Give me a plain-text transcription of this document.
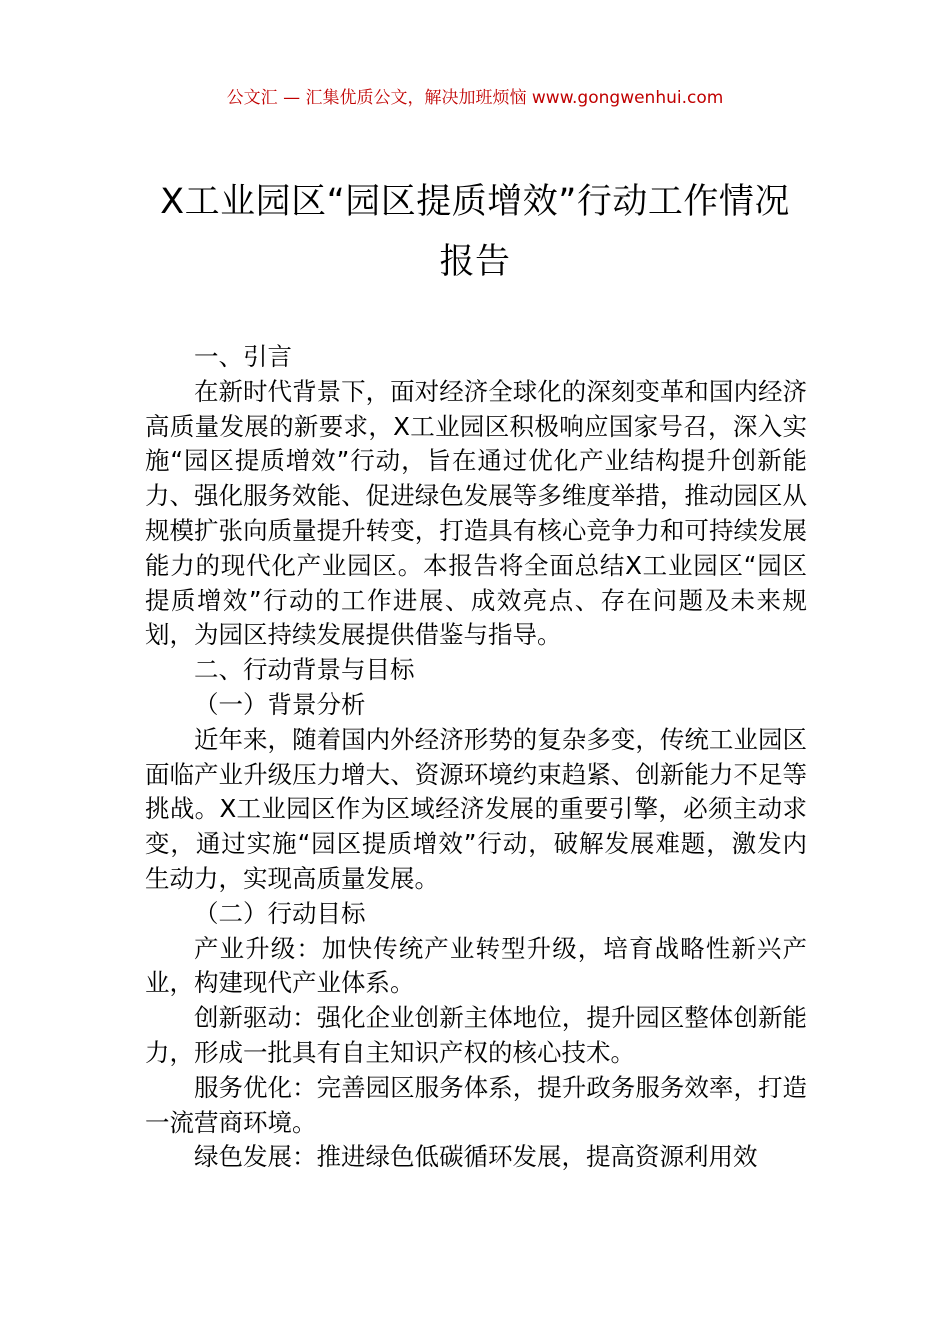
公文汇 — 汇集优质公文，解决加班烦恼 www.gongwenhui.com
X工业园区“园区提质增效”行动工作情况报告

一、引言

在新时代背景下，面对经济全球化的深刻变革和国内经济高质量发展的新要求，X工业园区积极响应国家号召，深入实施“园区提质增效”行动，旨在通过优化产业结构提升创新能力、强化服务效能、促进绿色发展等多维度举措，推动园区从规模扩张向质量提升转变，打造具有核心竞争力和可持续发展能力的现代化产业园区。本报告将全面总结X工业园区“园区提质增效”行动的工作进展、成效亮点、存在问题及未来规划，为园区持续发展提供借鉴与指导。

二、行动背景与目标

（一）背景分析

近年来，随着国内外经济形势的复杂多变，传统工业园区面临产业升级压力增大、资源环境约束趋紧、创新能力不足等挑战。X工业园区作为区域经济发展的重要引擎，必须主动求变，通过实施“园区提质增效”行动，破解发展难题，激发内生动力，实现高质量发展。

（二）行动目标

产业升级：加快传统产业转型升级，培育战略性新兴产业，构建现代产业体系。

创新驱动：强化企业创新主体地位，提升园区整体创新能力，形成一批具有自主知识产权的核心技术。

服务优化：完善园区服务体系，提升政务服务效率，打造一流营商环境。

绿色发展：推进绿色低碳循环发展，提高资源利用效
